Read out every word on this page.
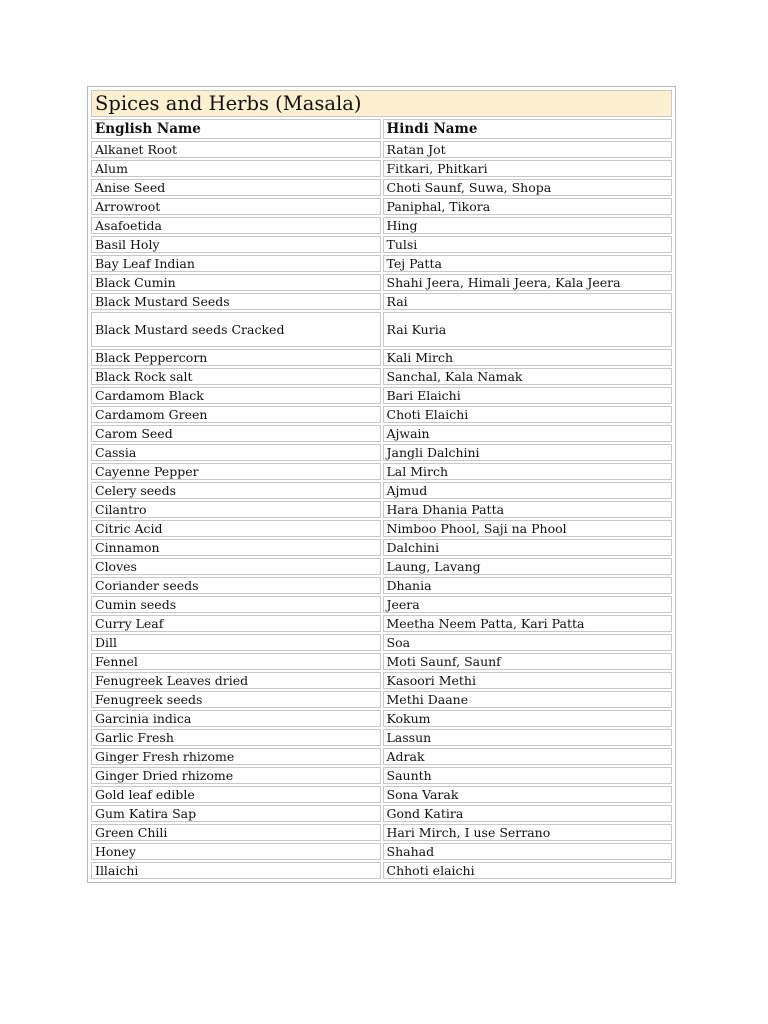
Spices and Herbs (Masala)	
English Name	Hindi Name
Alkanet Root	Ratan Jot
Alum	Fitkari, Phitkari
Anise Seed	Choti Saunf, Suwa, Shopa
Arrowroot	Paniphal, Tikora
Asafoetida	Hing
Basil Holy	Tulsi
Bay Leaf Indian	Tej Patta
Black Cumin	Shahi Jeera, Himali Jeera, Kala Jeera
Black Mustard Seeds	Rai
Black Mustard seeds Cracked	Rai Kuria
Black Peppercorn	Kali Mirch
Black Rock salt	Sanchal, Kala Namak
Cardamom Black	Bari Elaichi
Cardamom Green	Choti Elaichi
Carom Seed	Ajwain
Cassia	Jangli Dalchini
Cayenne Pepper	Lal Mirch
Celery seeds	Ajmud
Cilantro	Hara Dhania Patta
Citric Acid	Nimboo Phool, Saji na Phool
Cinnamon	Dalchini
Cloves	Laung, Lavang
Coriander seeds	Dhania
Cumin seeds	Jeera
Curry Leaf	Meetha Neem Patta, Kari Patta
Dill	Soa
Fennel	Moti Saunf, Saunf
Fenugreek Leaves dried	Kasoori Methi
Fenugreek seeds	Methi Daane
Garcinia indica	Kokum
Garlic Fresh	Lassun
Ginger Fresh rhizome	Adrak
Ginger Dried rhizome	Saunth
Gold leaf edible	Sona Varak
Gum Katira Sap	Gond Katira
Green Chili	Hari Mirch, I use Serrano
Honey	Shahad
Illaichi	Chhoti elaichi
